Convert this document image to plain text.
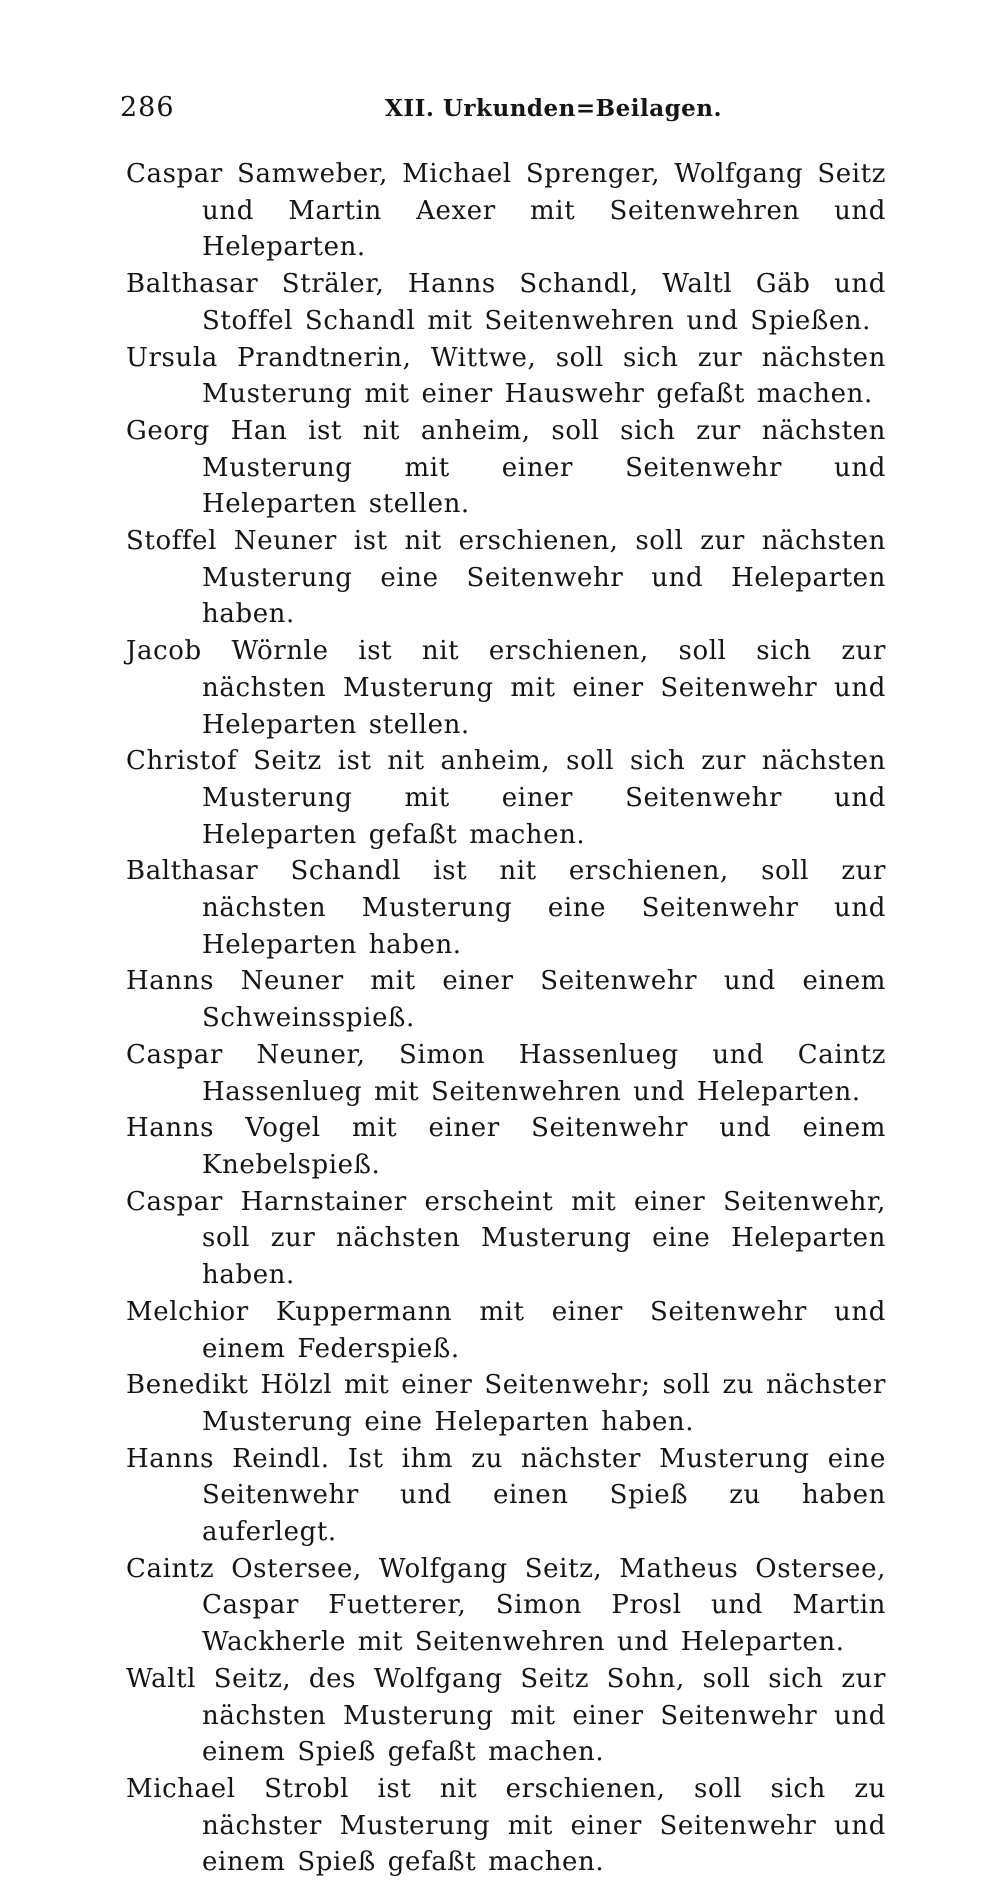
286	XII. Urkunden=Beilagen.

Caspar Samweber, Michael Sprenger, Wolfgang Seitz und Martin Aexer mit Seitenwehren und Heleparten.

Balthasar Sträler, Hanns Schandl, Waltl Gäb und Stoffel Schandl mit Seitenwehren und Spießen.

Ursula Prandtnerin, Wittwe, soll sich zur nächsten Musterung mit einer Hauswehr gefaßt machen.

Georg Han ist nit anheim, soll sich zur nächsten Musterung mit einer Seitenwehr und Heleparten stellen.

Stoffel Neuner ist nit erschienen, soll zur nächsten Musterung eine Seitenwehr und Heleparten haben.

Jacob Wörnle ist nit erschienen, soll sich zur nächsten Musterung mit einer Seitenwehr und Heleparten stellen.

Christof Seitz ist nit anheim, soll sich zur nächsten Musterung mit einer Seitenwehr und Heleparten gefaßt machen.

Balthasar Schandl ist nit erschienen, soll zur nächsten Musterung eine Seitenwehr und Heleparten haben.

Hanns Neuner mit einer Seitenwehr und einem Schweinsspieß.

Caspar Neuner, Simon Hassenlueg und Caintz Hassenlueg mit Seitenwehren und Heleparten.

Hanns Vogel mit einer Seitenwehr und einem Knebelspieß.

Caspar Harnstainer erscheint mit einer Seitenwehr, soll zur nächsten Musterung eine Heleparten haben.

Melchior Kuppermann mit einer Seitenwehr und einem Federspieß.

Benedikt Hölzl mit einer Seitenwehr; soll zu nächster Musterung eine Heleparten haben.

Hanns Reindl. Ist ihm zu nächster Musterung eine Seitenwehr und einen Spieß zu haben auferlegt.

Caintz Ostersee, Wolfgang Seitz, Matheus Ostersee, Caspar Fuetterer, Simon Prosl und Martin Wackherle mit Seitenwehren und Heleparten.

Waltl Seitz, des Wolfgang Seitz Sohn, soll sich zur nächsten Musterung mit einer Seitenwehr und einem Spieß gefaßt machen.

Michael Strobl ist nit erschienen, soll sich zu nächster Musterung mit einer Seitenwehr und einem Spieß gefaßt machen.
